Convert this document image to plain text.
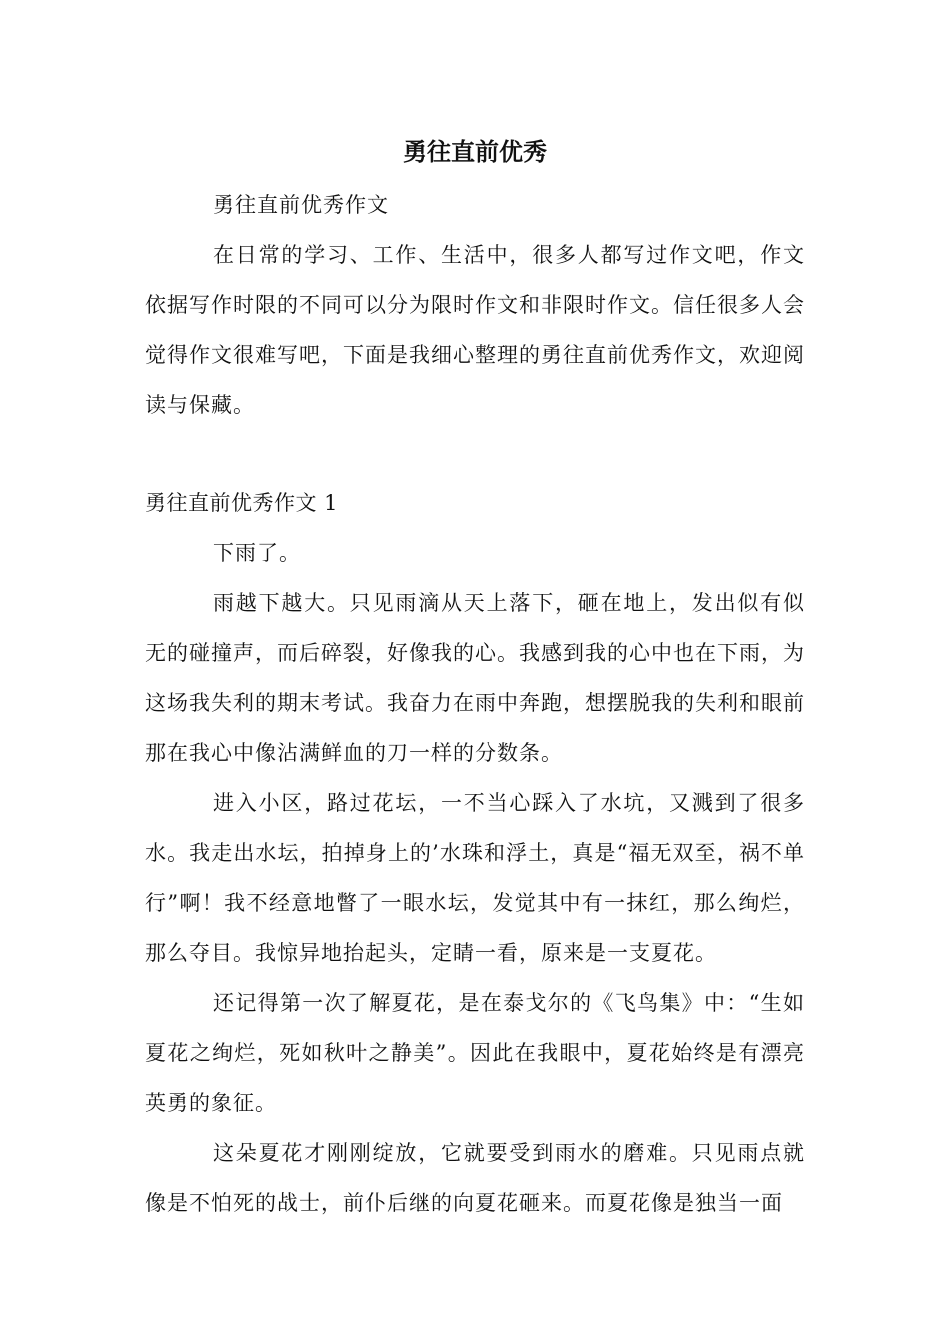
勇往直前优秀

勇往直前优秀作文

在日常的学习、工作、生活中，很多人都写过作文吧，作文依据写作时限的不同可以分为限时作文和非限时作文。信任很多人会觉得作文很难写吧，下面是我细心整理的勇往直前优秀作文，欢迎阅读与保藏。

勇往直前优秀作文 1

下雨了。

雨越下越大。只见雨滴从天上落下，砸在地上，发出似有似无的碰撞声，而后碎裂，好像我的心。我感到我的心中也在下雨，为这场我失利的期末考试。我奋力在雨中奔跑，想摆脱我的失利和眼前那在我心中像沾满鲜血的刀一样的分数条。

进入小区，路过花坛，一不当心踩入了水坑，又溅到了很多水。我走出水坛，拍掉身上的’水珠和浮土，真是“福无双至，祸不单行”啊！我不经意地瞥了一眼水坛，发觉其中有一抹红，那么绚烂，那么夺目。我惊异地抬起头，定睛一看，原来是一支夏花。

还记得第一次了解夏花，是在泰戈尔的《飞鸟集》中：“生如夏花之绚烂，死如秋叶之静美”。因此在我眼中，夏花始终是有漂亮英勇的象征。

这朵夏花才刚刚绽放，它就要受到雨水的磨难。只见雨点就像是不怕死的战士，前仆后继的向夏花砸来。而夏花像是独当一面
